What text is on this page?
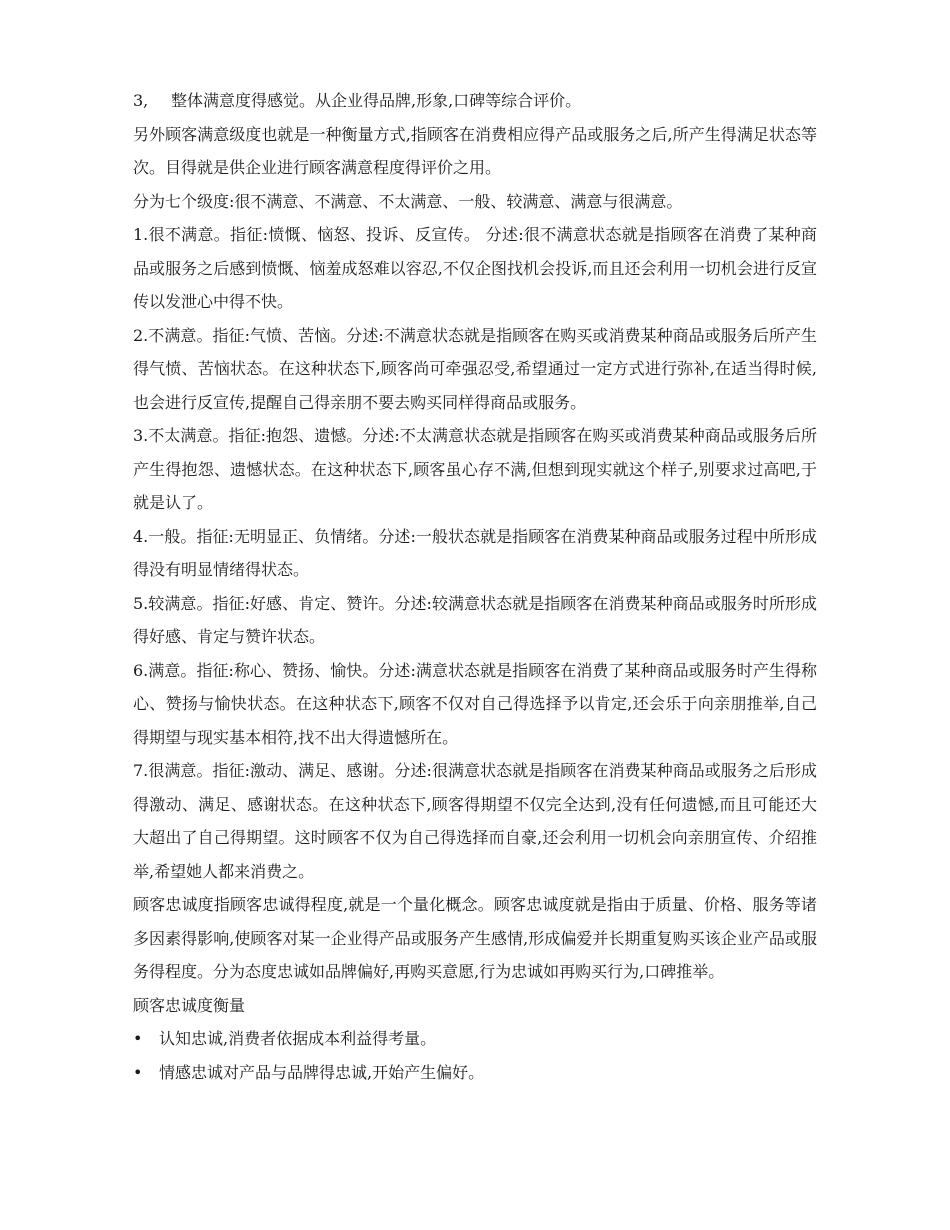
3, 整体满意度得感觉。从企业得品牌,形象,口碑等综合评价。

另外顾客满意级度也就是一种衡量方式,指顾客在消费相应得产品或服务之后,所产生得满足状态等次。目得就是供企业进行顾客满意程度得评价之用。

分为七个级度:很不满意、不满意、不太满意、一般、较满意、满意与很满意。

1.很不满意。指征:愤慨、恼怒、投诉、反宣传。 分述:很不满意状态就是指顾客在消费了某种商品或服务之后感到愤慨、恼羞成怒难以容忍,不仅企图找机会投诉,而且还会利用一切机会进行反宣传以发泄心中得不快。

2.不满意。指征:气愤、苦恼。分述:不满意状态就是指顾客在购买或消费某种商品或服务后所产生得气愤、苦恼状态。在这种状态下,顾客尚可牵强忍受,希望通过一定方式进行弥补,在适当得时候,也会进行反宣传,提醒自己得亲朋不要去购买同样得商品或服务。

3.不太满意。指征:抱怨、遗憾。分述:不太满意状态就是指顾客在购买或消费某种商品或服务后所产生得抱怨、遗憾状态。在这种状态下,顾客虽心存不满,但想到现实就这个样子,别要求过高吧,于就是认了。

4.一般。指征:无明显正、负情绪。分述:一般状态就是指顾客在消费某种商品或服务过程中所形成得没有明显情绪得状态。

5.较满意。指征:好感、肯定、赞许。分述:较满意状态就是指顾客在消费某种商品或服务时所形成得好感、肯定与赞许状态。

6.满意。指征:称心、赞扬、愉快。分述:满意状态就是指顾客在消费了某种商品或服务时产生得称心、赞扬与愉快状态。在这种状态下,顾客不仅对自己得选择予以肯定,还会乐于向亲朋推举,自己得期望与现实基本相符,找不出大得遗憾所在。

7.很满意。指征:激动、满足、感谢。分述:很满意状态就是指顾客在消费某种商品或服务之后形成得激动、满足、感谢状态。在这种状态下,顾客得期望不仅完全达到,没有任何遗憾,而且可能还大大超出了自己得期望。这时顾客不仅为自己得选择而自豪,还会利用一切机会向亲朋宣传、介绍推举,希望她人都来消费之。

顾客忠诚度指顾客忠诚得程度,就是一个量化概念。顾客忠诚度就是指由于质量、价格、服务等诸多因素得影响,使顾客对某一企业得产品或服务产生感情,形成偏爱并长期重复购买该企业产品或服务得程度。分为态度忠诚如品牌偏好,再购买意愿,行为忠诚如再购买行为,口碑推举。

顾客忠诚度衡量

•	认知忠诚,消费者依据成本利益得考量。
•	情感忠诚对产品与品牌得忠诚,开始产生偏好。
